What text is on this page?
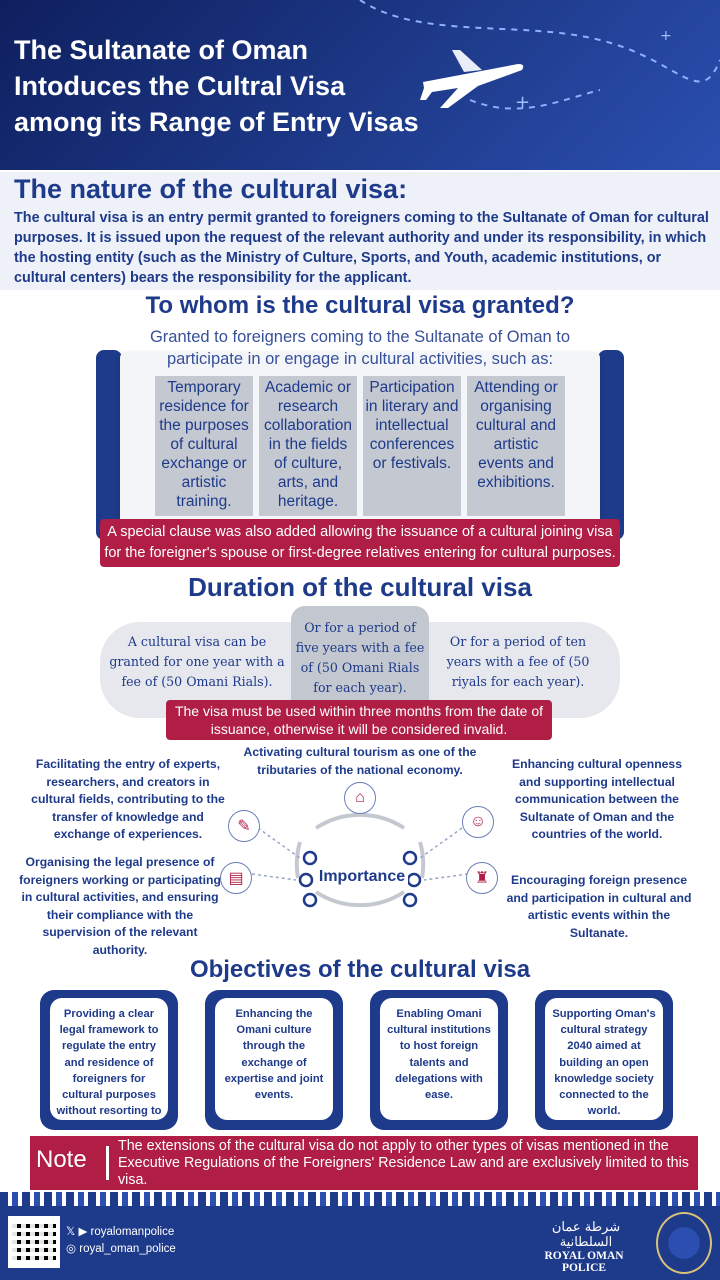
+
+
The Sultanate of Oman
Intoduces the Cultral Visa
among its Range of Entry Visas
The nature of the cultural visa:
The cultural visa is an entry permit granted to foreigners coming to the Sultanate of Oman for cultural purposes. It is issued upon the request of the relevant authority and under its responsibility, in which the hosting entity (such as the Ministry of Culture, Sports, and Youth, academic institutions, or cultural centers) bears the responsibility for the applicant.
To whom is the cultural visa granted?
Granted to foreigners coming to the Sultanate of Oman to participate in or engage in cultural activities, such as:
Temporary residence for the purposes of cultural exchange or artistic training.
Academic or research collaboration in the fields of culture, arts, and heritage.
Participation in literary and intellectual conferences or festivals.
Attending or organising cultural and artistic events and exhibitions.
A special clause was also added allowing the issuance of a cultural joining visa for the foreigner's spouse or first-degree relatives entering for cultural purposes.
Duration of the cultural visa
A cultural visa can be granted for one year with a fee of (50 Omani Rials).
Or for a period of five years with a fee of (50 Omani Rials for each year).
Or for a period of ten years with a fee of (50 riyals for each year).
The visa must be used within three months from the date of issuance, otherwise it will be considered invalid.
Importance
⌂
✎
▤
☺
♜
Activating cultural tourism as one of the tributaries of the national economy.
Facilitating the entry of experts, researchers, and creators in cultural fields, contributing to the transfer of knowledge and exchange of experiences.
Organising the legal presence of foreigners working or participating in cultural activities, and ensuring their compliance with the supervision of the relevant authority.
Enhancing cultural openness and supporting intellectual communication between the Sultanate of Oman and the countries of the world.
Encouraging foreign presence and participation in cultural and artistic events within the Sultanate.
Objectives of the cultural visa
Providing a clear legal framework to regulate the entry and residence of foreigners for cultural purposes without resorting to other visas.
Enhancing the Omani culture through the exchange of expertise and joint events.
Enabling Omani cultural institutions to host foreign talents and delegations with ease.
Supporting Oman's cultural strategy 2040 aimed at building an open knowledge society connected to the world.
Note The extensions of the cultural visa do not apply to other types of visas mentioned in the Executive Regulations of the Foreigners' Residence Law and are exclusively limited to this visa.
𝕏 ▶ royalomanpolice
◎ royal_oman_police
شرطة عمان السلطانية
ROYAL OMAN POLICE
